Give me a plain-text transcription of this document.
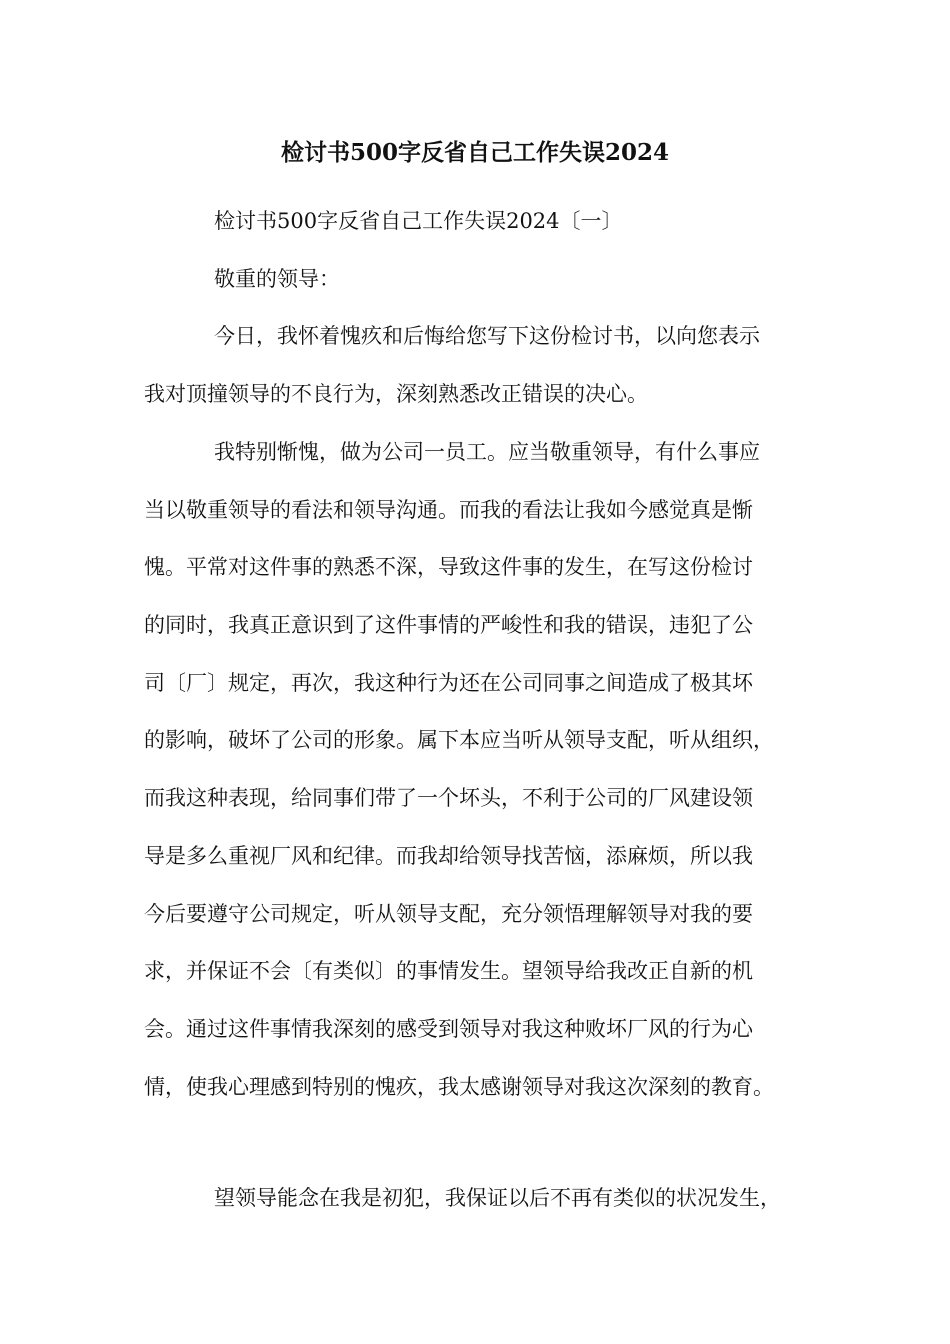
检讨书500字反省自己工作失误2024

检讨书500字反省自己工作失误2024〔一〕

敬重的领导：

今日，我怀着愧疚和后悔给您写下这份检讨书，以向您表示

我对顶撞领导的不良行为，深刻熟悉改正错误的决心。

我特别惭愧，做为公司一员工。应当敬重领导，有什么事应

当以敬重领导的看法和领导沟通。而我的看法让我如今感觉真是惭

愧。平常对这件事的熟悉不深，导致这件事的发生，在写这份检讨

的同时，我真正意识到了这件事情的严峻性和我的错误，违犯了公

司〔厂〕规定，再次，我这种行为还在公司同事之间造成了极其坏

的影响，破坏了公司的形象。属下本应当听从领导支配，听从组织，

而我这种表现，给同事们带了一个坏头，不利于公司的厂风建设领

导是多么重视厂风和纪律。而我却给领导找苦恼，添麻烦，所以我

今后要遵守公司规定，听从领导支配，充分领悟理解领导对我的要

求，并保证不会〔有类似〕的事情发生。望领导给我改正自新的机

会。通过这件事情我深刻的感受到领导对我这种败坏厂风的行为心

情，使我心理感到特别的愧疚，我太感谢领导对我这次深刻的教育。

望领导能念在我是初犯，我保证以后不再有类似的状况发生，
